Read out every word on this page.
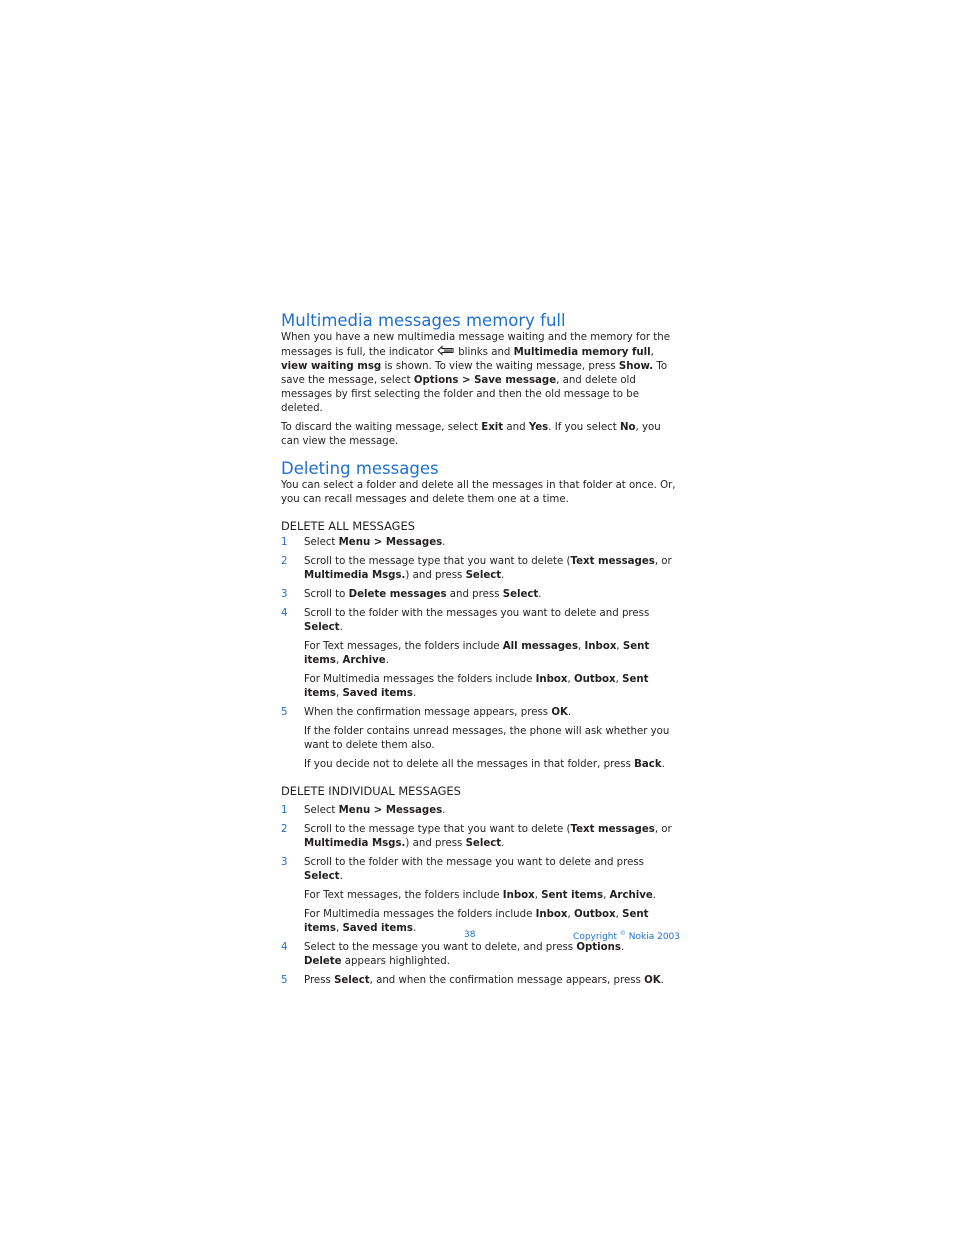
Multimedia messages memory full

When you have a new multimedia message waiting and the memory for the messages is full, the indicator  blinks and Multimedia memory full, view waiting msg is shown. To view the waiting message, press Show. To save the message, select Options > Save message, and delete old messages by first selecting the folder and then the old message to be deleted.

To discard the waiting message, select Exit and Yes. If you select No, you can view the message.

Deleting messages

You can select a folder and delete all the messages in that folder at once. Or, you can recall messages and delete them one at a time.

DELETE ALL MESSAGES
1	Select Menu > Messages.
2	Scroll to the message type that you want to delete (Text messages, or Multimedia Msgs.) and press Select.
3	Scroll to Delete messages and press Select.
4	Scroll to the folder with the messages you want to delete and press Select.

For Text messages, the folders include All messages, Inbox, Sent items, Archive.

For Multimedia messages the folders include Inbox, Outbox, Sent items, Saved items.

5	When the confirmation message appears, press OK.

If the folder contains unread messages, the phone will ask whether you want to delete them also.

If you decide not to delete all the messages in that folder, press Back.

DELETE INDIVIDUAL MESSAGES
1	Select Menu > Messages.
2	Scroll to the message type that you want to delete (Text messages, or Multimedia Msgs.) and press Select.
3	Scroll to the folder with the message you want to delete and press Select.

For Text messages, the folders include Inbox, Sent items, Archive.

For Multimedia messages the folders include Inbox, Outbox, Sent items, Saved items.

4	Select to the message you want to delete, and press Options.
Delete appears highlighted.
5	Press Select, and when the confirmation message appears, press OK.
38	Copyright © Nokia 2003
